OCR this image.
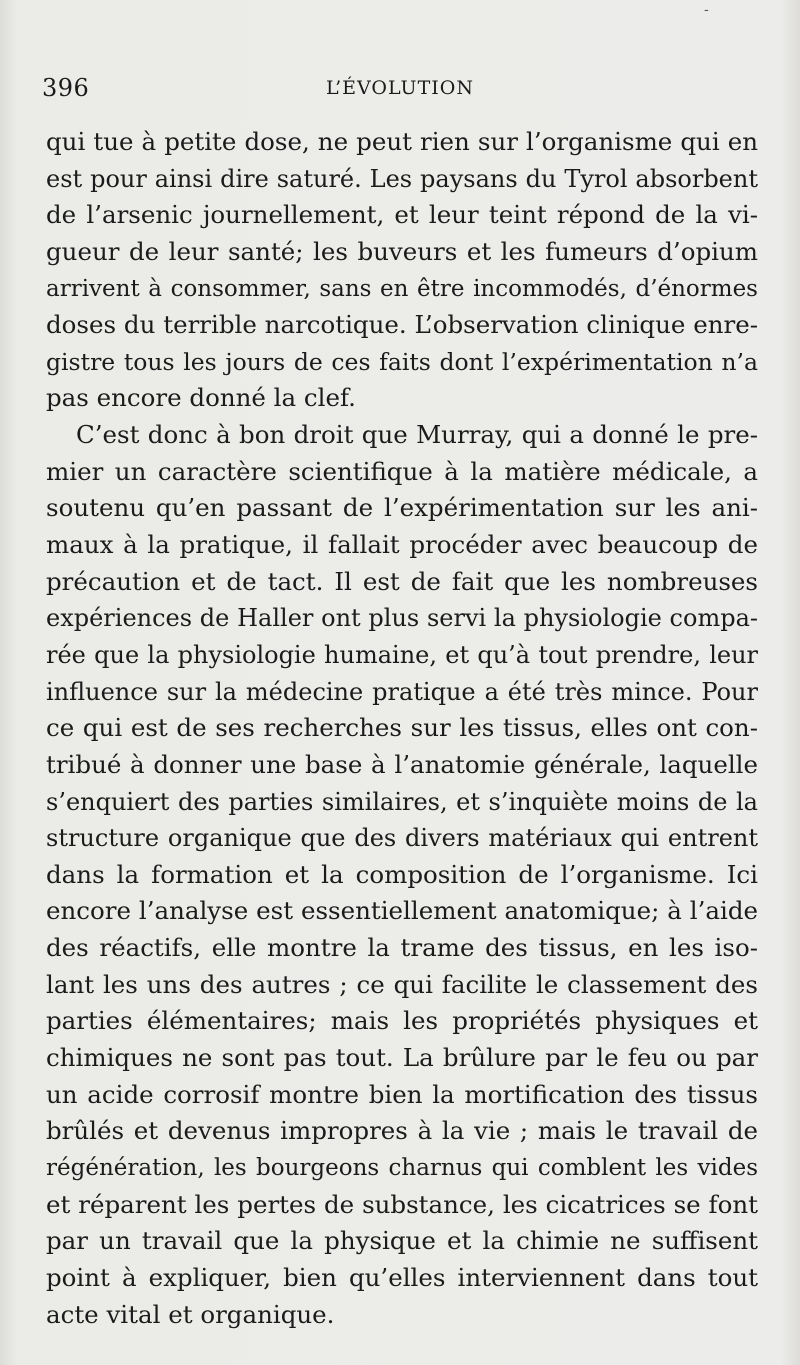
-
396	L’ÉVOLUTION
qui tue à petite dose, ne peut rien sur l’organisme qui en
est pour ainsi dire saturé. Les paysans du Tyrol absorbent
de l’arsenic journellement, et leur teint répond de la vi-
gueur de leur santé; les buveurs et les fumeurs d’opium
arrivent à consommer, sans en être incommodés, d’énormes
doses du terrible narcotique. L’observation clinique enre-
gistre tous les jours de ces faits dont l’expérimentation n’a
pas encore donné la clef.
C’est donc à bon droit que Murray, qui a donné le pre-
mier un caractère scientifique à la matière médicale, a
soutenu qu’en passant de l’expérimentation sur les ani-
maux à la pratique, il fallait procéder avec beaucoup de
précaution et de tact. Il est de fait que les nombreuses
expériences de Haller ont plus servi la physiologie compa-
rée que la physiologie humaine, et qu’à tout prendre, leur
influence sur la médecine pratique a été très mince. Pour
ce qui est de ses recherches sur les tissus, elles ont con-
tribué à donner une base à l’anatomie générale, laquelle
s’enquiert des parties similaires, et s’inquiète moins de la
structure organique que des divers matériaux qui entrent
dans la formation et la composition de l’organisme. Ici
encore l’analyse est essentiellement anatomique; à l’aide
des réactifs, elle montre la trame des tissus, en les iso-
lant les uns des autres ; ce qui facilite le classement des
parties élémentaires; mais les propriétés physiques et
chimiques ne sont pas tout. La brûlure par le feu ou par
un acide corrosif montre bien la mortification des tissus
brûlés et devenus impropres à la vie ; mais le travail de
régénération, les bourgeons charnus qui comblent les vides
et réparent les pertes de substance, les cicatrices se font
par un travail que la physique et la chimie ne suffisent
point à expliquer, bien qu’elles interviennent dans tout
acte vital et organique.
